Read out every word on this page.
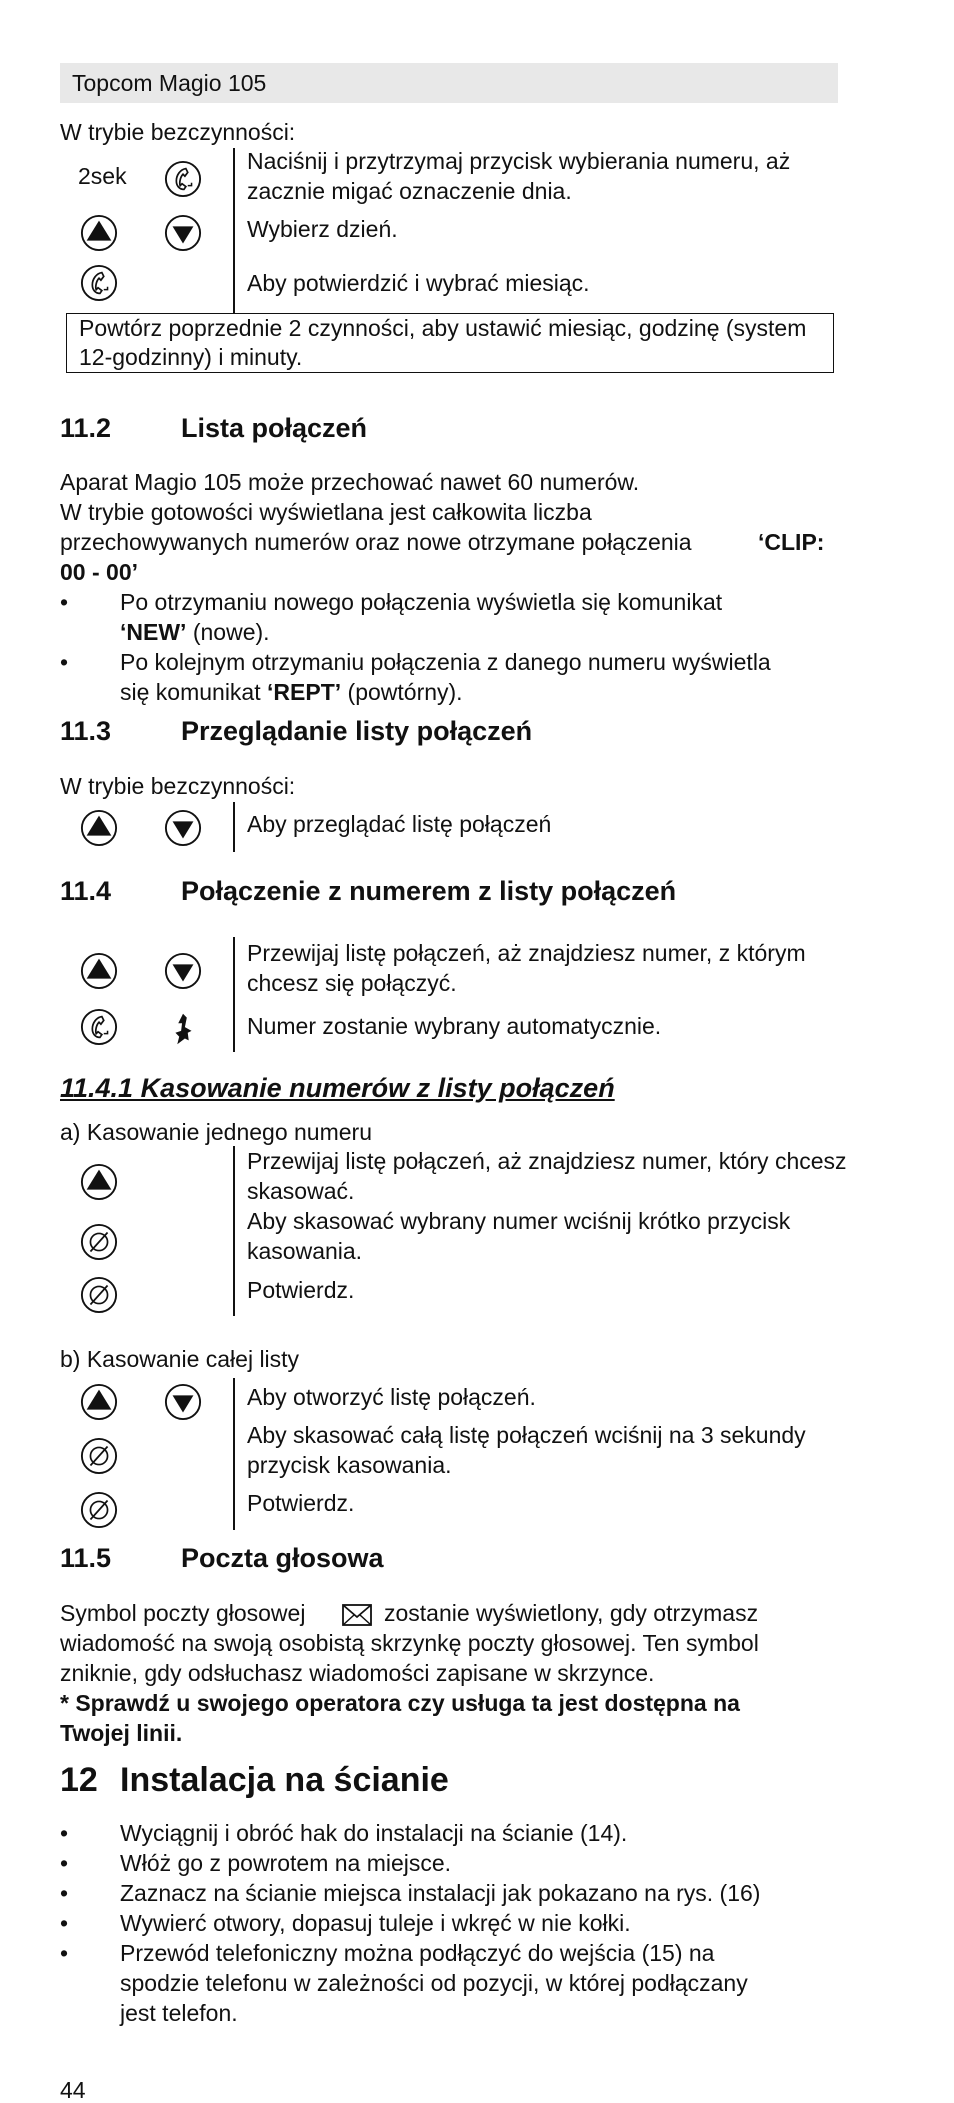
Topcom Magio 105
W trybie bezczynności:
2sek
Naciśnij i przytrzymaj przycisk wybierania numeru, aż zacznie migać oznaczenie dnia.
Wybierz dzień.
Aby potwierdzić i wybrać miesiąc.
Powtórz poprzednie 2 czynności, aby ustawić miesiąc, godzinę (system 12-godzinny) i minuty.
11.2	Lista połączeń
Aparat Magio 105 może przechować nawet 60 numerów.
W trybie gotowości wyświetlana jest całkowita liczba
przechowywanych numerów oraz nowe otrzymane połączenia	‘CLIP:
00 - 00’
• Po otrzymaniu nowego połączenia wyświetla się komunikat
‘NEW’ (nowe).
• Po kolejnym otrzymaniu połączenia z danego numeru wyświetla
się komunikat ‘REPT’ (powtórny).
11.3	Przeglądanie listy połączeń
W trybie bezczynności:
Aby przeglądać listę połączeń
11.4	Połączenie z numerem z listy połączeń
Przewijaj listę połączeń, aż znajdziesz numer, z którym chcesz się połączyć.
Numer zostanie wybrany automatycznie.
11.4.1 Kasowanie numerów z listy połączeń
a) Kasowanie jednego numeru
Przewijaj listę połączeń, aż znajdziesz numer, który chcesz skasować.
Aby skasować wybrany numer wciśnij krótko przycisk kasowania.
Potwierdz.
b) Kasowanie całej listy
Aby otworzyć listę połączeń.
Aby skasować całą listę połączeń wciśnij na 3 sekundy przycisk kasowania.
Potwierdz.
11.5	Poczta głosowa
Symbol poczty głosowej	zostanie wyświetlony, gdy otrzymasz
wiadomość na swoją osobistą skrzynkę poczty głosowej. Ten symbol
zniknie, gdy odsłuchasz wiadomości zapisane w skrzynce.
* Sprawdź u swojego operatora czy usługa ta jest dostępna na
Twojej linii.
12 Instalacja na ścianie
• Wyciągnij i obróć hak do instalacji na ścianie (14).
• Włóż go z powrotem na miejsce.
• Zaznacz na ścianie miejsca instalacji jak pokazano na rys. (16)
• Wywierć otwory, dopasuj tuleje i wkręć w nie kołki.
• Przewód telefoniczny można podłączyć do wejścia (15) na
spodzie telefonu w zależności od pozycji, w której podłączany
jest telefon.
44
